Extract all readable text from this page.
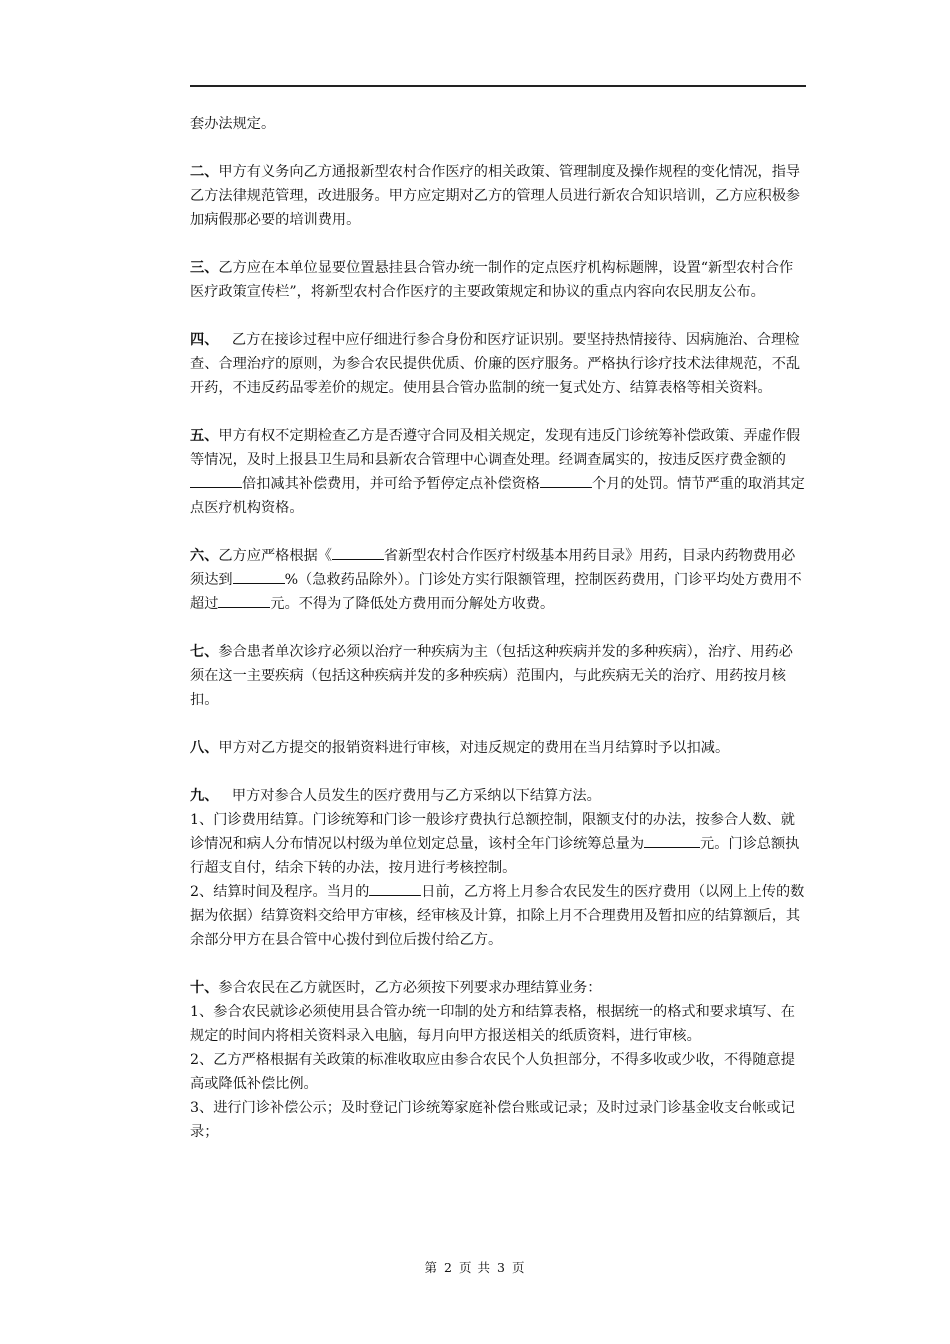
套办法规定。

二、甲方有义务向乙方通报新型农村合作医疗的相关政策、管理制度及操作规程的变化情况，指导乙方法律规范管理，改进服务。甲方应定期对乙方的管理人员进行新农合知识培训，乙方应积极参加病假那必要的培训费用。

三、乙方应在本单位显要位置悬挂县合管办统一制作的定点医疗机构标题牌，设置“新型农村合作医疗政策宣传栏”，将新型农村合作医疗的主要政策规定和协议的重点内容向农民朋友公布。

四、 乙方在接诊过程中应仔细进行参合身份和医疗证识别。要坚持热情接待、因病施治、合理检查、合理治疗的原则，为参合农民提供优质、价廉的医疗服务。严格执行诊疗技术法律规范，不乱开药，不违反药品零差价的规定。使用县合管办监制的统一复式处方、结算表格等相关资料。

五、甲方有权不定期检查乙方是否遵守合同及相关规定，发现有违反门诊统筹补偿政策、弄虚作假等情况，及时上报县卫生局和县新农合管理中心调查处理。经调查属实的，按违反医疗费金额的倍扣减其补偿费用，并可给予暂停定点补偿资格	个月的处罚。情节严重的取消其定点医疗机构资格。

六、乙方应严格根据《	省新型农村合作医疗村级基本用药目录》用药，目录内药物费用必须达到	%（急救药品除外）。门诊处方实行限额管理，控制医药费用，门诊平均处方费用不超过	元。不得为了降低处方费用而分解处方收费。

七、参合患者单次诊疗必须以治疗一种疾病为主（包括这种疾病并发的多种疾病），治疗、用药必须在这一主要疾病（包括这种疾病并发的多种疾病）范围内，与此疾病无关的治疗、用药按月核扣。

八、甲方对乙方提交的报销资料进行审核，对违反规定的费用在当月结算时予以扣减。

九、 甲方对参合人员发生的医疗费用与乙方采纳以下结算方法。

1、门诊费用结算。门诊统筹和门诊一般诊疗费执行总额控制，限额支付的办法，按参合人数、就诊情况和病人分布情况以村级为单位划定总量，该村全年门诊统筹总量为	元。门诊总额执行超支自付，结余下转的办法，按月进行考核控制。

2、结算时间及程序。当月的	日前，乙方将上月参合农民发生的医疗费用（以网上上传的数据为依据）结算资料交给甲方审核，经审核及计算，扣除上月不合理费用及暂扣应的结算额后，其余部分甲方在县合管中心拨付到位后拨付给乙方。

十、参合农民在乙方就医时，乙方必须按下列要求办理结算业务：

1、参合农民就诊必须使用县合管办统一印制的处方和结算表格，根据统一的格式和要求填写、在规定的时间内将相关资料录入电脑，每月向甲方报送相关的纸质资料，进行审核。

2、乙方严格根据有关政策的标准收取应由参合农民个人负担部分，不得多收或少收，不得随意提高或降低补偿比例。

3、进行门诊补偿公示；及时登记门诊统筹家庭补偿台账或记录；及时过录门诊基金收支台帐或记录；

第 2 页 共 3 页
